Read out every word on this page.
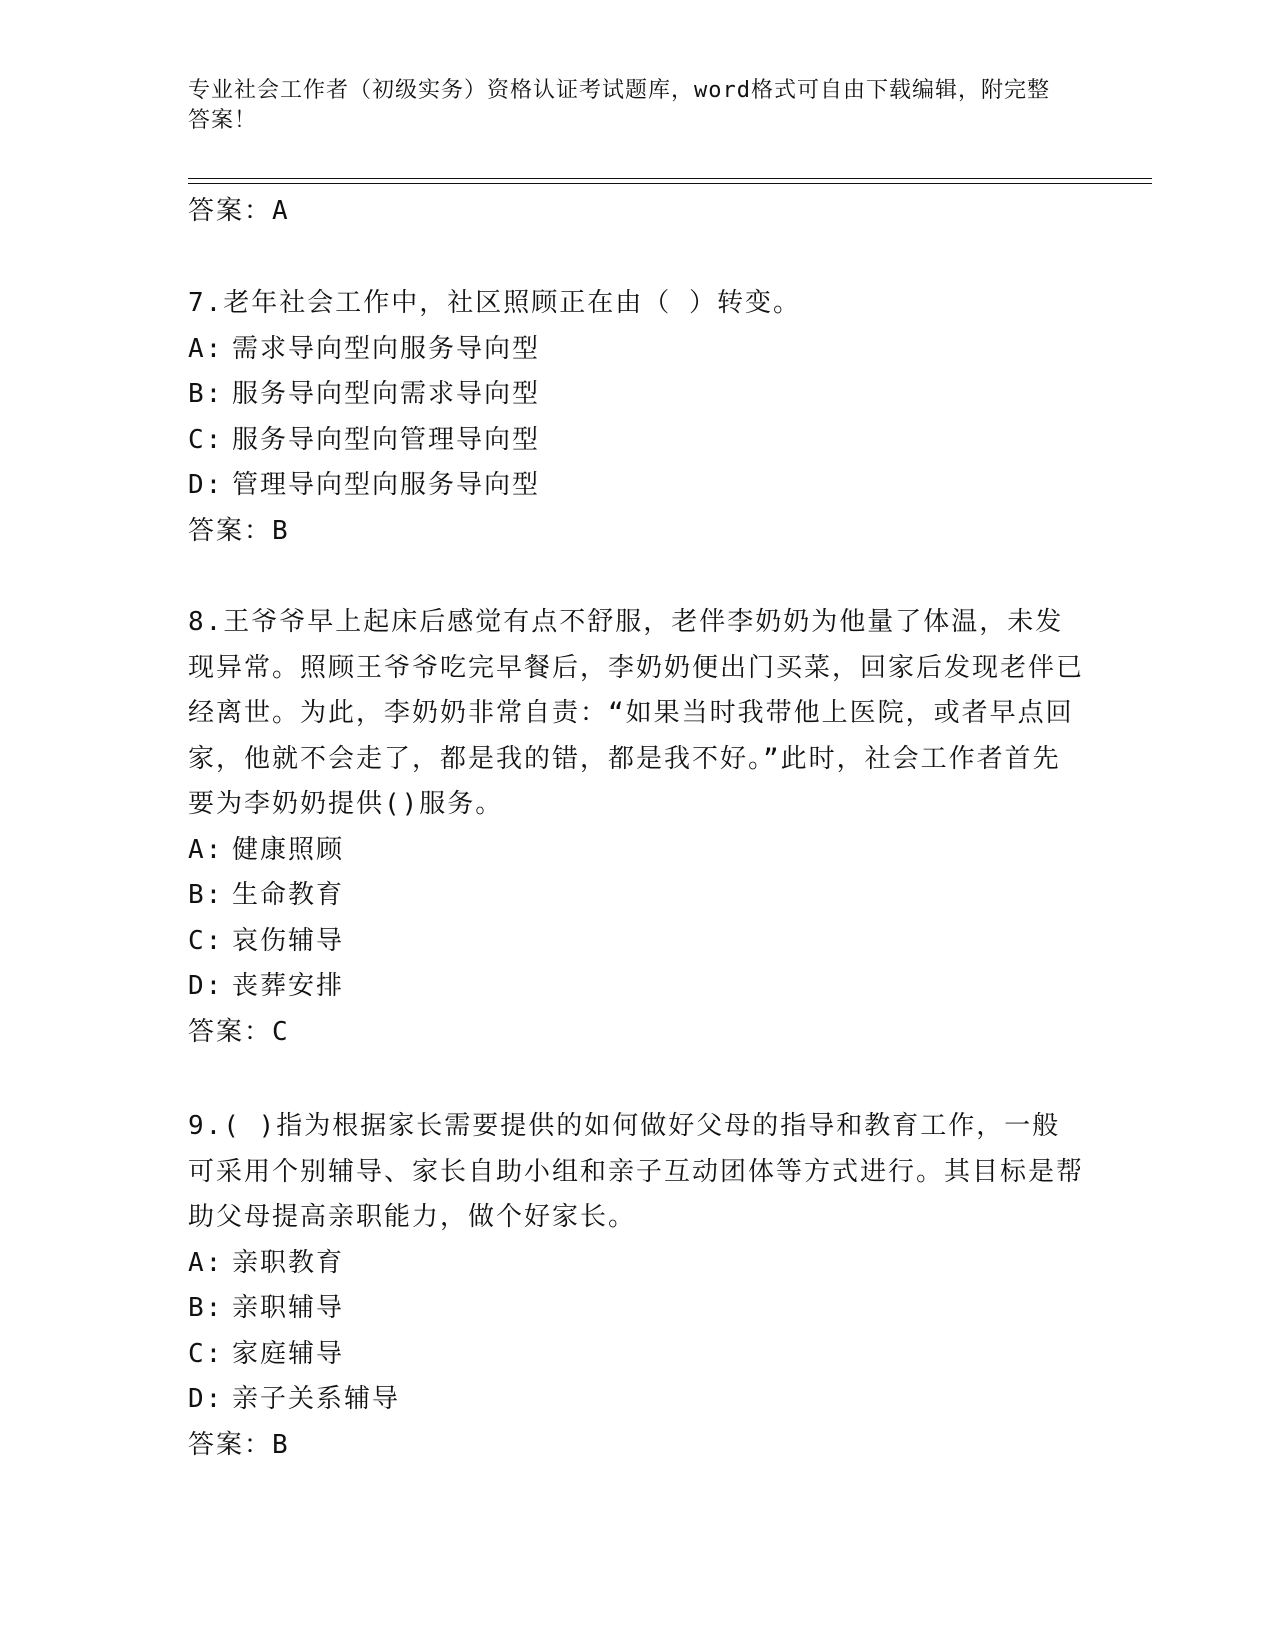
专业社会工作者（初级实务）资格认证考试题库，word格式可自由下载编辑，附完整答案！
答案：A

7.老年社会工作中，社区照顾正在由（ ）转变。

A: 需求导向型向服务导向型
B: 服务导向型向需求导向型
C: 服务导向型向管理导向型
D: 管理导向型向服务导向型
答案：B

8.王爷爷早上起床后感觉有点不舒服，老伴李奶奶为他量了体温，未发现异常。照顾王爷爷吃完早餐后，李奶奶便出门买菜，回家后发现老伴已经离世。为此，李奶奶非常自责：“如果当时我带他上医院，或者早点回家，他就不会走了，都是我的错，都是我不好。”此时，社会工作者首先要为李奶奶提供()服务。

A: 健康照顾
B: 生命教育
C: 哀伤辅导
D: 丧葬安排
答案：C

9.( )指为根据家长需要提供的如何做好父母的指导和教育工作，一般可采用个别辅导、家长自助小组和亲子互动团体等方式进行。其目标是帮助父母提高亲职能力，做个好家长。

A: 亲职教育
B: 亲职辅导
C: 家庭辅导
D: 亲子关系辅导
答案：B
